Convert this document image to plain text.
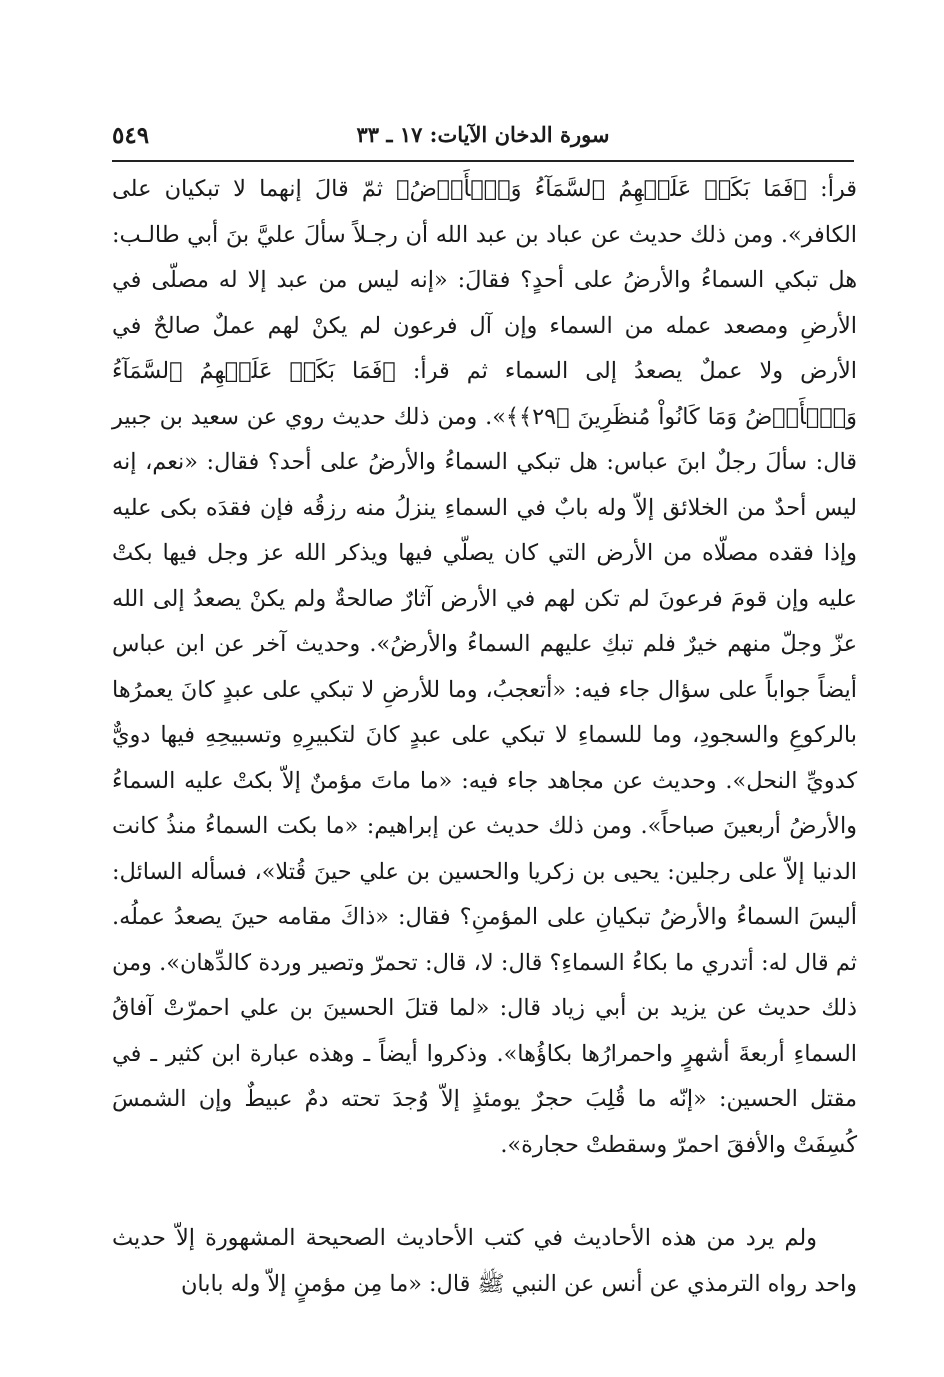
سورة الدخان الآيات: ١٧ ـ ٣٣
٥٤٩

قرأ: ﴿فَمَا بَكَتۡ عَلَيۡهِمُ ٱلسَّمَآءُ وَٱلۡأَرۡضُ﴾ ثمّ قالَ إنهما لا تبكيان على الكافر». ومن ذلك حديث عن عباد بن عبد الله أن رجـلاً سألَ عليَّ بنَ أبي طالـب: هل تبكي السماءُ والأرضُ على أحدٍ؟ فقالَ: «إنه ليس من عبد إلا له مصلّى في الأرضِ ومصعد عمله من السماء وإن آل فرعون لم يكنْ لهم عملٌ صالحٌ في الأرض ولا عملٌ يصعدُ إلى السماء ثم قرأ: ﴿فَمَا بَكَتۡ عَلَيۡهِمُ ٱلسَّمَآءُ وَٱلۡأَرۡضُ وَمَا كَانُواْ مُنظَرِينَ ﴿٢٩﴾﴾». ومن ذلك حديث روي عن سعيد بن جبير قال: سألَ رجلٌ ابنَ عباس: هل تبكي السماءُ والأرضُ على أحد؟ فقال: «نعم، إنه ليس أحدٌ من الخلائق إلاّ وله بابٌ في السماءِ ينزلُ منه رزقُه فإن فقدَه بكى عليه وإذا فقده مصلّاه من الأرض التي كان يصلّي فيها ويذكر الله عز وجل فيها بكتْ عليه وإن قومَ فرعونَ لم تكن لهم في الأرض آثارٌ صالحةٌ ولم يكنْ يصعدُ إلى الله عزّ وجلّ منهم خيرٌ فلم تبكِ عليهم السماءُ والأرضُ». وحديث آخر عن ابن عباس أيضاً جواباً على سؤال جاء فيه: «أتعجبُ، وما للأرضِ لا تبكي على عبدٍ كانَ يعمرُها بالركوعِ والسجودِ، وما للسماءِ لا تبكي على عبدٍ كانَ لتكبيرِهِ وتسبيحِهِ فيها دويٌّ كدويِّ النحل». وحديث عن مجاهد جاء فيه: «ما ماتَ مؤمنٌ إلاّ بكتْ عليه السماءُ والأرضُ أربعينَ صباحاً». ومن ذلك حديث عن إبراهيم: «ما بكت السماءُ منذُ كانت الدنيا إلاّ على رجلين: يحيى بن زكريا والحسين بن علي حينَ قُتلا»، فسأله السائل: أليسَ السماءُ والأرضُ تبكيانِ على المؤمنِ؟ فقال: «ذاكَ مقامه حينَ يصعدُ عملُه. ثم قال له: أتدري ما بكاءُ السماءِ؟ قال: لا، قال: تحمرّ وتصير وردة كالدِّهان». ومن ذلك حديث عن يزيد بن أبي زياد قال: «لما قتلَ الحسينَ بن علي احمرّتْ آفاقُ السماءِ أربعةَ أشهرٍ واحمرارُها بكاؤُها». وذكروا أيضاً ـ وهذه عبارة ابن كثير ـ في مقتل الحسين: «إنّه ما قُلِبَ حجرٌ يومئذٍ إلاّ وُجدَ تحته دمٌ عبيطٌ وإن الشمسَ كُسِفَتْ والأفقَ احمرّ وسقطتْ حجارة».

ولم يرد من هذه الأحاديث في كتب الأحاديث الصحيحة المشهورة إلاّ حديث واحد رواه الترمذي عن أنس عن النبي ﷺ قال: «ما مِن مؤمنٍ إلاّ وله بابان
